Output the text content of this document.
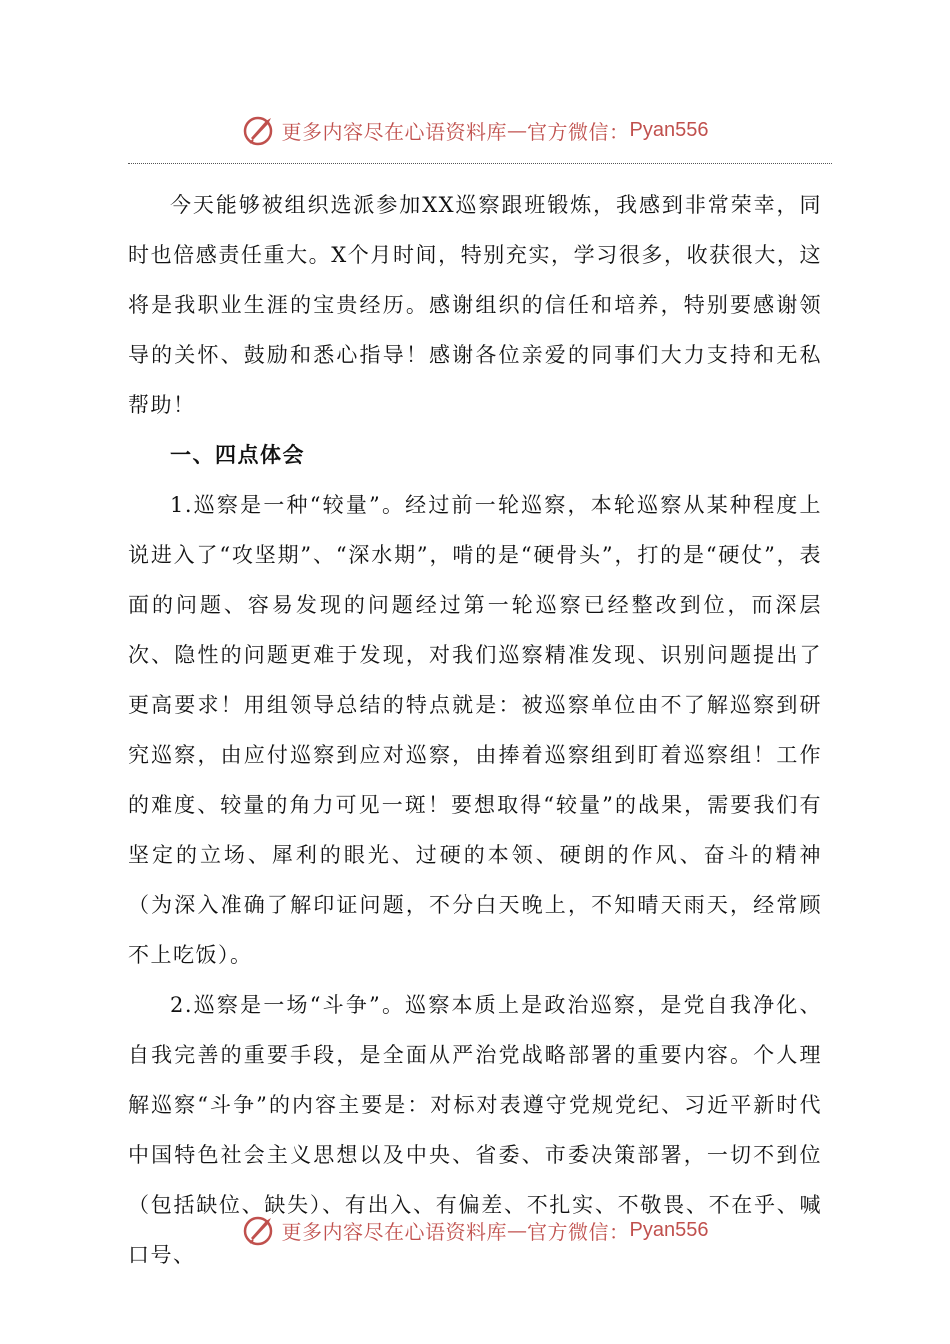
更多内容尽在心语资料库 — 官方微信： Pyan556

今天能够被组织选派参加XX巡察跟班锻炼，我感到非常荣幸，同时也倍感责任重大。X个月时间，特别充实，学习很多，收获很大，这将是我职业生涯的宝贵经历。感谢组织的信任和培养，特别要感谢领导的关怀、鼓励和悉心指导！感谢各位亲爱的同事们大力支持和无私帮助！

一、四点体会

1.巡察是一种“较量”。经过前一轮巡察，本轮巡察从某种程度上说进入了“攻坚期”、“深水期”，啃的是“硬骨头”，打的是“硬仗”，表面的问题、容易发现的问题经过第一轮巡察已经整改到位，而深层次、隐性的问题更难于发现，对我们巡察精准发现、识别问题提出了更高要求！用组领导总结的特点就是：被巡察单位由不了解巡察到研究巡察，由应付巡察到应对巡察，由捧着巡察组到盯着巡察组！工作的难度、较量的角力可见一斑！要想取得“较量”的战果，需要我们有坚定的立场、犀利的眼光、过硬的本领、硬朗的作风、奋斗的精神（为深入准确了解印证问题，不分白天晚上，不知晴天雨天，经常顾不上吃饭）。

2.巡察是一场“斗争”。巡察本质上是政治巡察，是党自我净化、自我完善的重要手段，是全面从严治党战略部署的重要内容。个人理解巡察“斗争”的内容主要是：对标对表遵守党规党纪、习近平新时代中国特色社会主义思想以及中央、省委、市委决策部署，一切不到位（包括缺位、缺失）、有出入、有偏差、不扎实、不敬畏、不在乎、喊口号、

更多内容尽在心语资料库 — 官方微信： Pyan556
